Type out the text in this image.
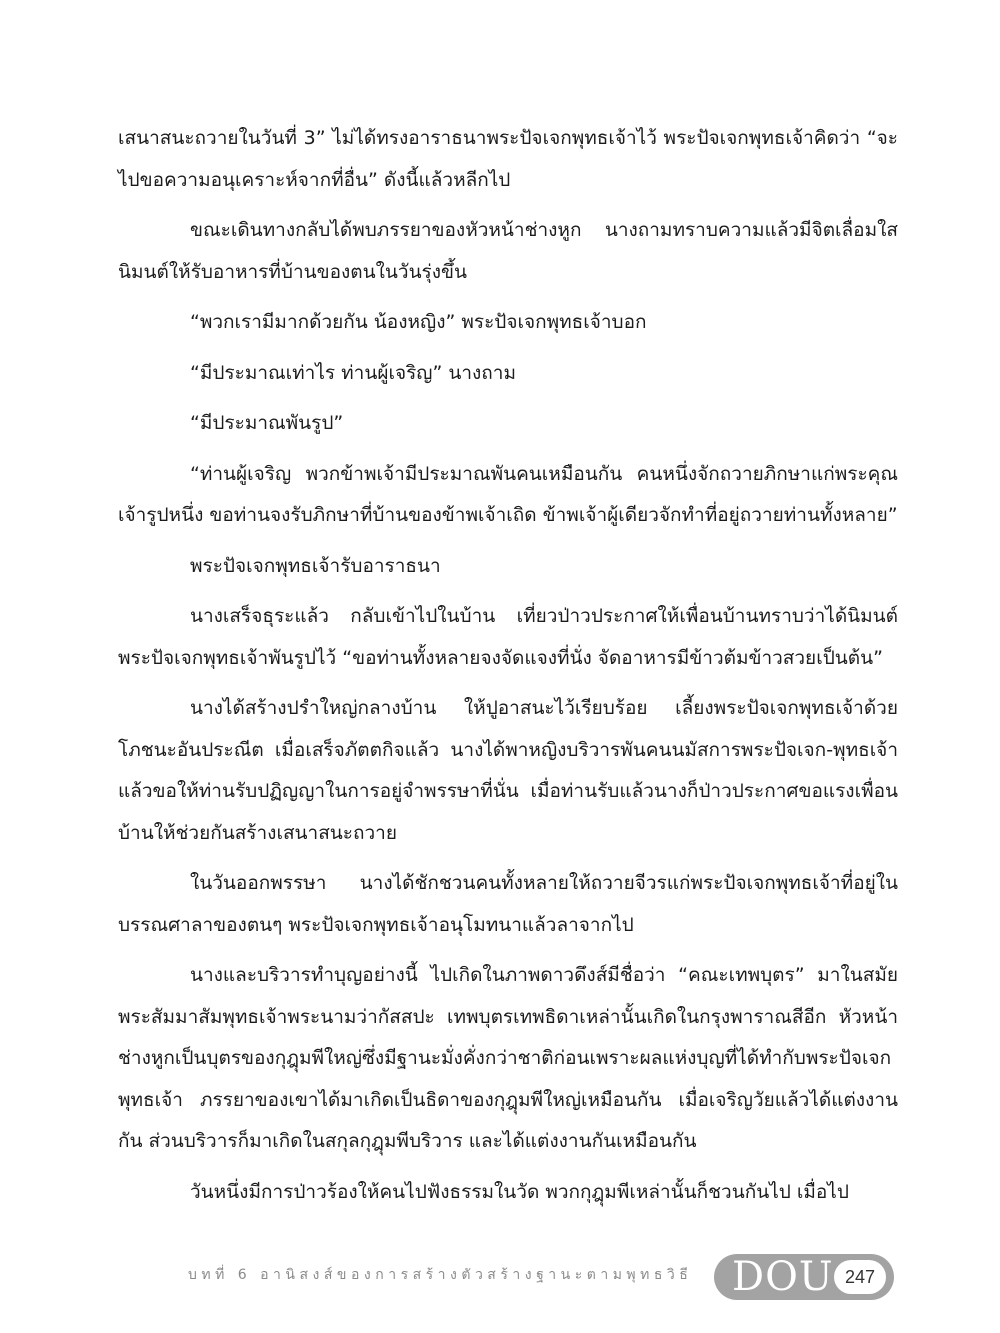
เสนาสนะถวายในวันที่ 3” ไม่ได้ทรงอาราธนาพระปัจเจกพุทธเจ้าไว้ พระปัจเจกพุทธเจ้าคิดว่า “จะไปขอความอนุเคราะห์จากที่อื่น” ดังนี้แล้วหลีกไป

ขณะเดินทางกลับได้พบภรรยาของหัวหน้าช่างหูก นางถามทราบความแล้วมีจิตเลื่อมใส นิมนต์ให้รับอาหารที่บ้านของตนในวันรุ่งขึ้น

“พวกเรามีมากด้วยกัน น้องหญิง” พระปัจเจกพุทธเจ้าบอก

“มีประมาณเท่าไร ท่านผู้เจริญ” นางถาม

“มีประมาณพันรูป”

“ท่านผู้เจริญ พวกข้าพเจ้ามีประมาณพันคนเหมือนกัน คนหนึ่งจักถวายภิกษาแก่พระคุณเจ้ารูปหนึ่ง ขอท่านจงรับภิกษาที่บ้านของข้าพเจ้าเถิด ข้าพเจ้าผู้เดียวจักทำที่อยู่ถวายท่านทั้งหลาย”

พระปัจเจกพุทธเจ้ารับอาราธนา

นางเสร็จธุระแล้ว กลับเข้าไปในบ้าน เที่ยวป่าวประกาศให้เพื่อนบ้านทราบว่าได้นิมนต์พระปัจเจกพุทธเจ้าพันรูปไว้ “ขอท่านทั้งหลายจงจัดแจงที่นั่ง จัดอาหารมีข้าวต้มข้าวสวยเป็นต้น”

นางได้สร้างปรำใหญ่กลางบ้าน ให้ปูอาสนะไว้เรียบร้อย เลี้ยงพระปัจเจกพุทธเจ้าด้วยโภชนะอันประณีต เมื่อเสร็จภัตตกิจแล้ว นางได้พาหญิงบริวารพันคนนมัสการพระปัจเจก-พุทธเจ้าแล้วขอให้ท่านรับปฏิญญาในการอยู่จำพรรษาที่นั่น เมื่อท่านรับแล้วนางก็ป่าวประกาศขอแรงเพื่อนบ้านให้ช่วยกันสร้างเสนาสนะถวาย

ในวันออกพรรษา นางได้ชักชวนคนทั้งหลายให้ถวายจีวรแก่พระปัจเจกพุทธเจ้าที่อยู่ในบรรณศาลาของตนๆ พระปัจเจกพุทธเจ้าอนุโมทนาแล้วลาจากไป

นางและบริวารทำบุญอย่างนี้ ไปเกิดในภาพดาวดึงส์มีชื่อว่า “คณะเทพบุตร” มาในสมัยพระสัมมาสัมพุทธเจ้าพระนามว่ากัสสปะ เทพบุตรเทพธิดาเหล่านั้นเกิดในกรุงพาราณสีอีก หัวหน้าช่างหูกเป็นบุตรของกุฎุมพีใหญ่ซึ่งมีฐานะมั่งคั่งกว่าชาติก่อนเพราะผลแห่งบุญที่ได้ทำกับพระปัจเจกพุทธเจ้า ภรรยาของเขาได้มาเกิดเป็นธิดาของกุฎุมพีใหญ่เหมือนกัน เมื่อเจริญวัยแล้วได้แต่งงานกัน ส่วนบริวารก็มาเกิดในสกุลกุฎุมพีบริวาร และได้แต่งงานกันเหมือนกัน

วันหนึ่งมีการป่าวร้องให้คนไปฟังธรรมในวัด พวกกุฎุมพีเหล่านั้นก็ชวนกันไป เมื่อไป

บทที่ 6 อานิสงส์ของการสร้างตัวสร้างฐานะตามพุทธวิธี DOU 247
